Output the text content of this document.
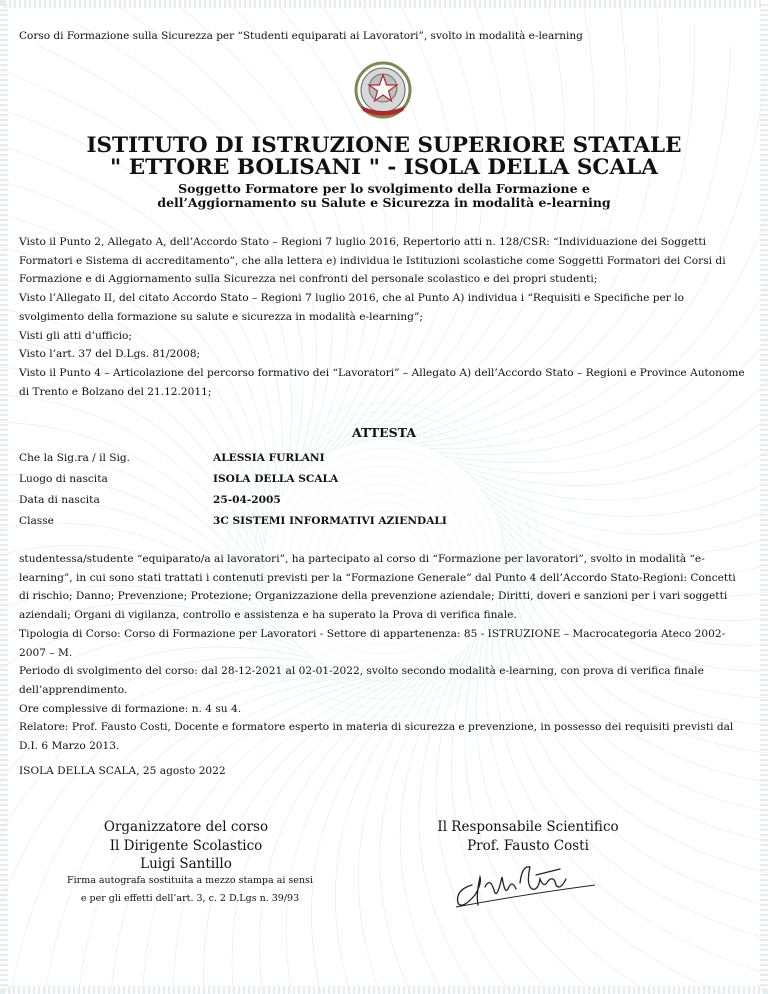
Corso di Formazione sulla Sicurezza per “Studenti equiparati ai Lavoratori”, svolto in modalità e-learning
ISTITUTO DI ISTRUZIONE SUPERIORE STATALE
" ETTORE BOLISANI " - ISOLA DELLA SCALA
Soggetto Formatore per lo svolgimento della Formazione e
dell’Aggiornamento su Salute e Sicurezza in modalità e-learning

Visto il Punto 2, Allegato A, dell’Accordo Stato – Regioni 7 luglio 2016, Repertorio atti n. 128/CSR: “Individuazione dei Soggetti Formatori e Sistema di accreditamento”, che alla lettera e) individua le Istituzioni scolastiche come Soggetti Formatori dei Corsi di Formazione e di Aggiornamento sulla Sicurezza nei confronti del personale scolastico e dei propri studenti;

Visto l’Allegato II, del citato Accordo Stato – Regioni 7 luglio 2016, che al Punto A) individua i “Requisiti e Specifiche per lo svolgimento della formazione su salute e sicurezza in modalità e-learning”;

Visti gli atti d’ufficio;

Visto l’art. 37 del D.Lgs. 81/2008;

Visto il Punto 4 – Articolazione del percorso formativo dei “Lavoratori” – Allegato A) dell’Accordo Stato – Regioni e Province Autonome di Trento e Bolzano del 21.12.2011;

ATTESTA
Che la Sig.ra / il Sig.	ALESSIA FURLANI
Luogo di nascita	ISOLA DELLA SCALA
Data di nascita	25-04-2005
Classe	3C SISTEMI INFORMATIVI AZIENDALI

studentessa/studente “equiparato/a ai lavoratori”, ha partecipato al corso di “Formazione per lavoratori”, svolto in modalità “e-learning”, in cui sono stati trattati i contenuti previsti per la “Formazione Generale” dal Punto 4 dell’Accordo Stato-Regioni: Concetti di rischio; Danno; Prevenzione; Protezione; Organizzazione della prevenzione aziendale; Diritti, doveri e sanzioni per i vari soggetti aziendali; Organi di vigilanza, controllo e assistenza e ha superato la Prova di verifica finale.

Tipologia di Corso: Corso di Formazione per Lavoratori - Settore di appartenenza: 85 - ISTRUZIONE – Macrocategoria Ateco 2002-2007 – M.

Periodo di svolgimento del corso: dal 28-12-2021 al 02-01-2022, svolto secondo modalità e-learning, con prova di verifica finale dell’apprendimento.

Ore complessive di formazione: n. 4 su 4.

Relatore: Prof. Fausto Costi, Docente e formatore esperto in materia di sicurezza e prevenzione, in possesso dei requisiti previsti dal D.I. 6 Marzo 2013.

ISOLA DELLA SCALA, 25 agosto 2022
Organizzatore del corso
Il Dirigente Scolastico
Luigi Santillo
Firma autografa sostituita a mezzo stampa ai sensi
e per gli effetti dell’art. 3, c. 2 D.Lgs n. 39/93
Il Responsabile Scientifico
Prof. Fausto Costi
